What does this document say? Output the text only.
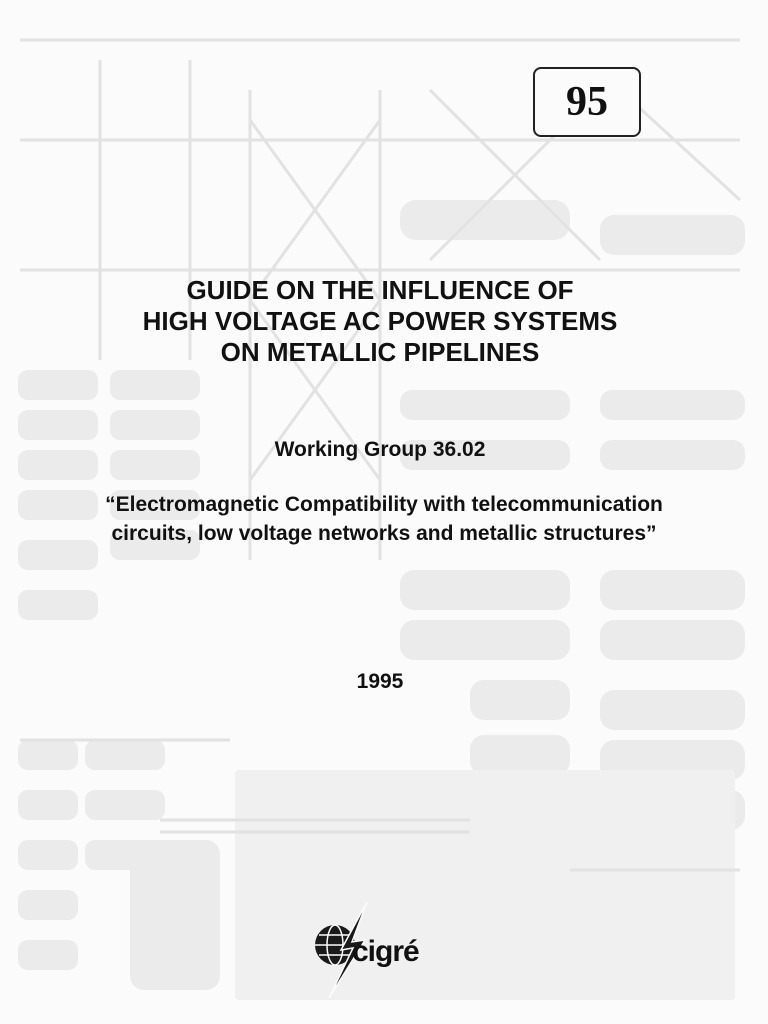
95
GUIDE ON THE INFLUENCE OF
HIGH VOLTAGE AC POWER SYSTEMS
ON METALLIC PIPELINES
Working Group 36.02
“Electromagnetic Compatibility with telecommunication
circuits, low voltage networks and metallic structures”
1995
cigré
